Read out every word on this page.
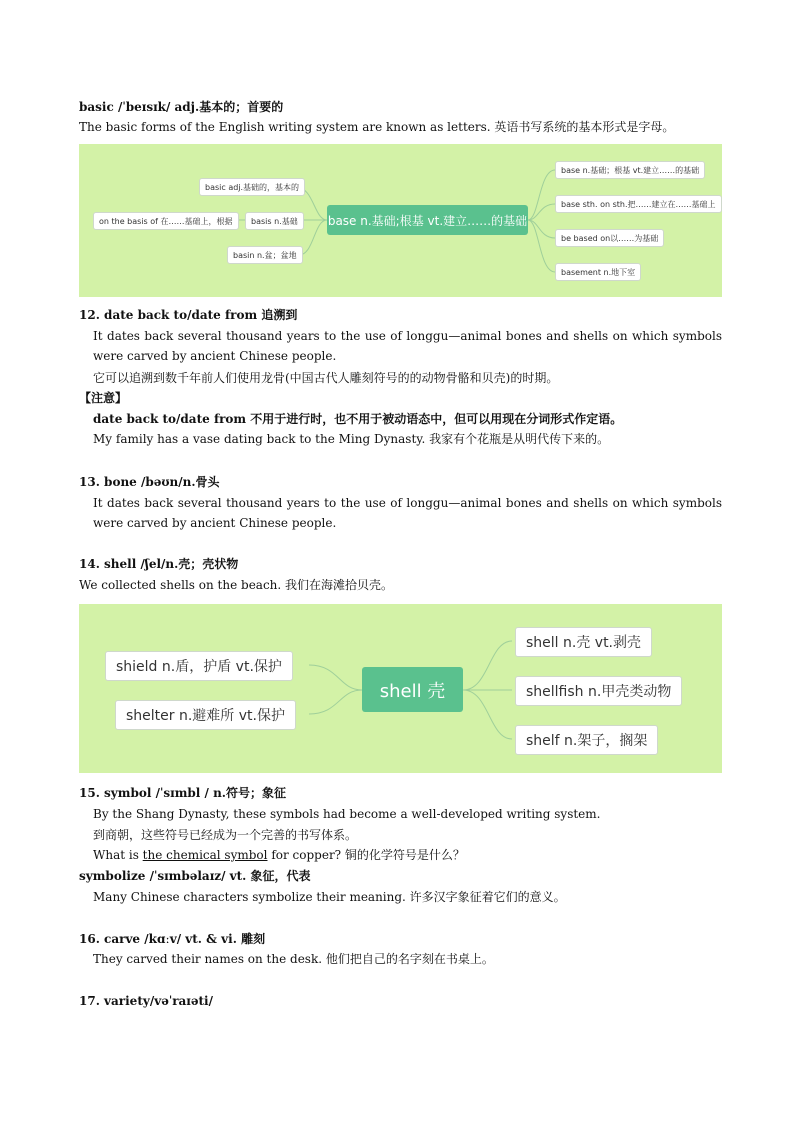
basic /ˈbeɪsɪk/ adj.基本的；首要的
The basic forms of the English writing system are known as letters. 英语书写系统的基本形式是字母。
basic adj.基础的，基本的
basis n.基础
basin n.盆；盆地
on the basis of 在……基础上，根据	base n.基础;根基 vt.建立……的基础
base n.基础；根基 vt.建立……的基础
base sth. on sth.把……建立在……基础上
be based on以……为基础
basement n.地下室
12. date back to/date from 追溯到
It dates back several thousand years to the use of longgu—animal bones and shells on which symbols were carved by ancient Chinese people.
它可以追溯到数千年前人们使用龙骨(中国古代人雕刻符号的的动物骨骼和贝壳)的时期。
【注意】
date back to/date from 不用于进行时，也不用于被动语态中，但可以用现在分词形式作定语。
My family has a vase dating back to the Ming Dynasty. 我家有个花瓶是从明代传下来的。
13. bone /bəʊn/n.骨头
It dates back several thousand years to the use of longgu—animal bones and shells on which symbols were carved by ancient Chinese people.
14. shell /ʃel/n.壳；壳状物
We collected shells on the beach. 我们在海滩拾贝壳。
shield n.盾，护盾 vt.保护
shelter n.避难所 vt.保护
shell 壳
shell n.壳 vt.剥壳
shellfish n.甲壳类动物
shelf n.架子，搁架
15. symbol /ˈsɪmbl / n.符号；象征
By the Shang Dynasty, these symbols had become a well-developed writing system.
到商朝，这些符号已经成为一个完善的书写体系。
What is the chemical symbol for copper? 铜的化学符号是什么？
symbolize /ˈsɪmbəlaɪz/ vt. 象征，代表
Many Chinese characters symbolize their meaning. 许多汉字象征着它们的意义。
16. carve /kɑːv/ vt. & vi. 雕刻
They carved their names on the desk. 他们把自己的名字刻在书桌上。
17. variety/vəˈraɪəti/
